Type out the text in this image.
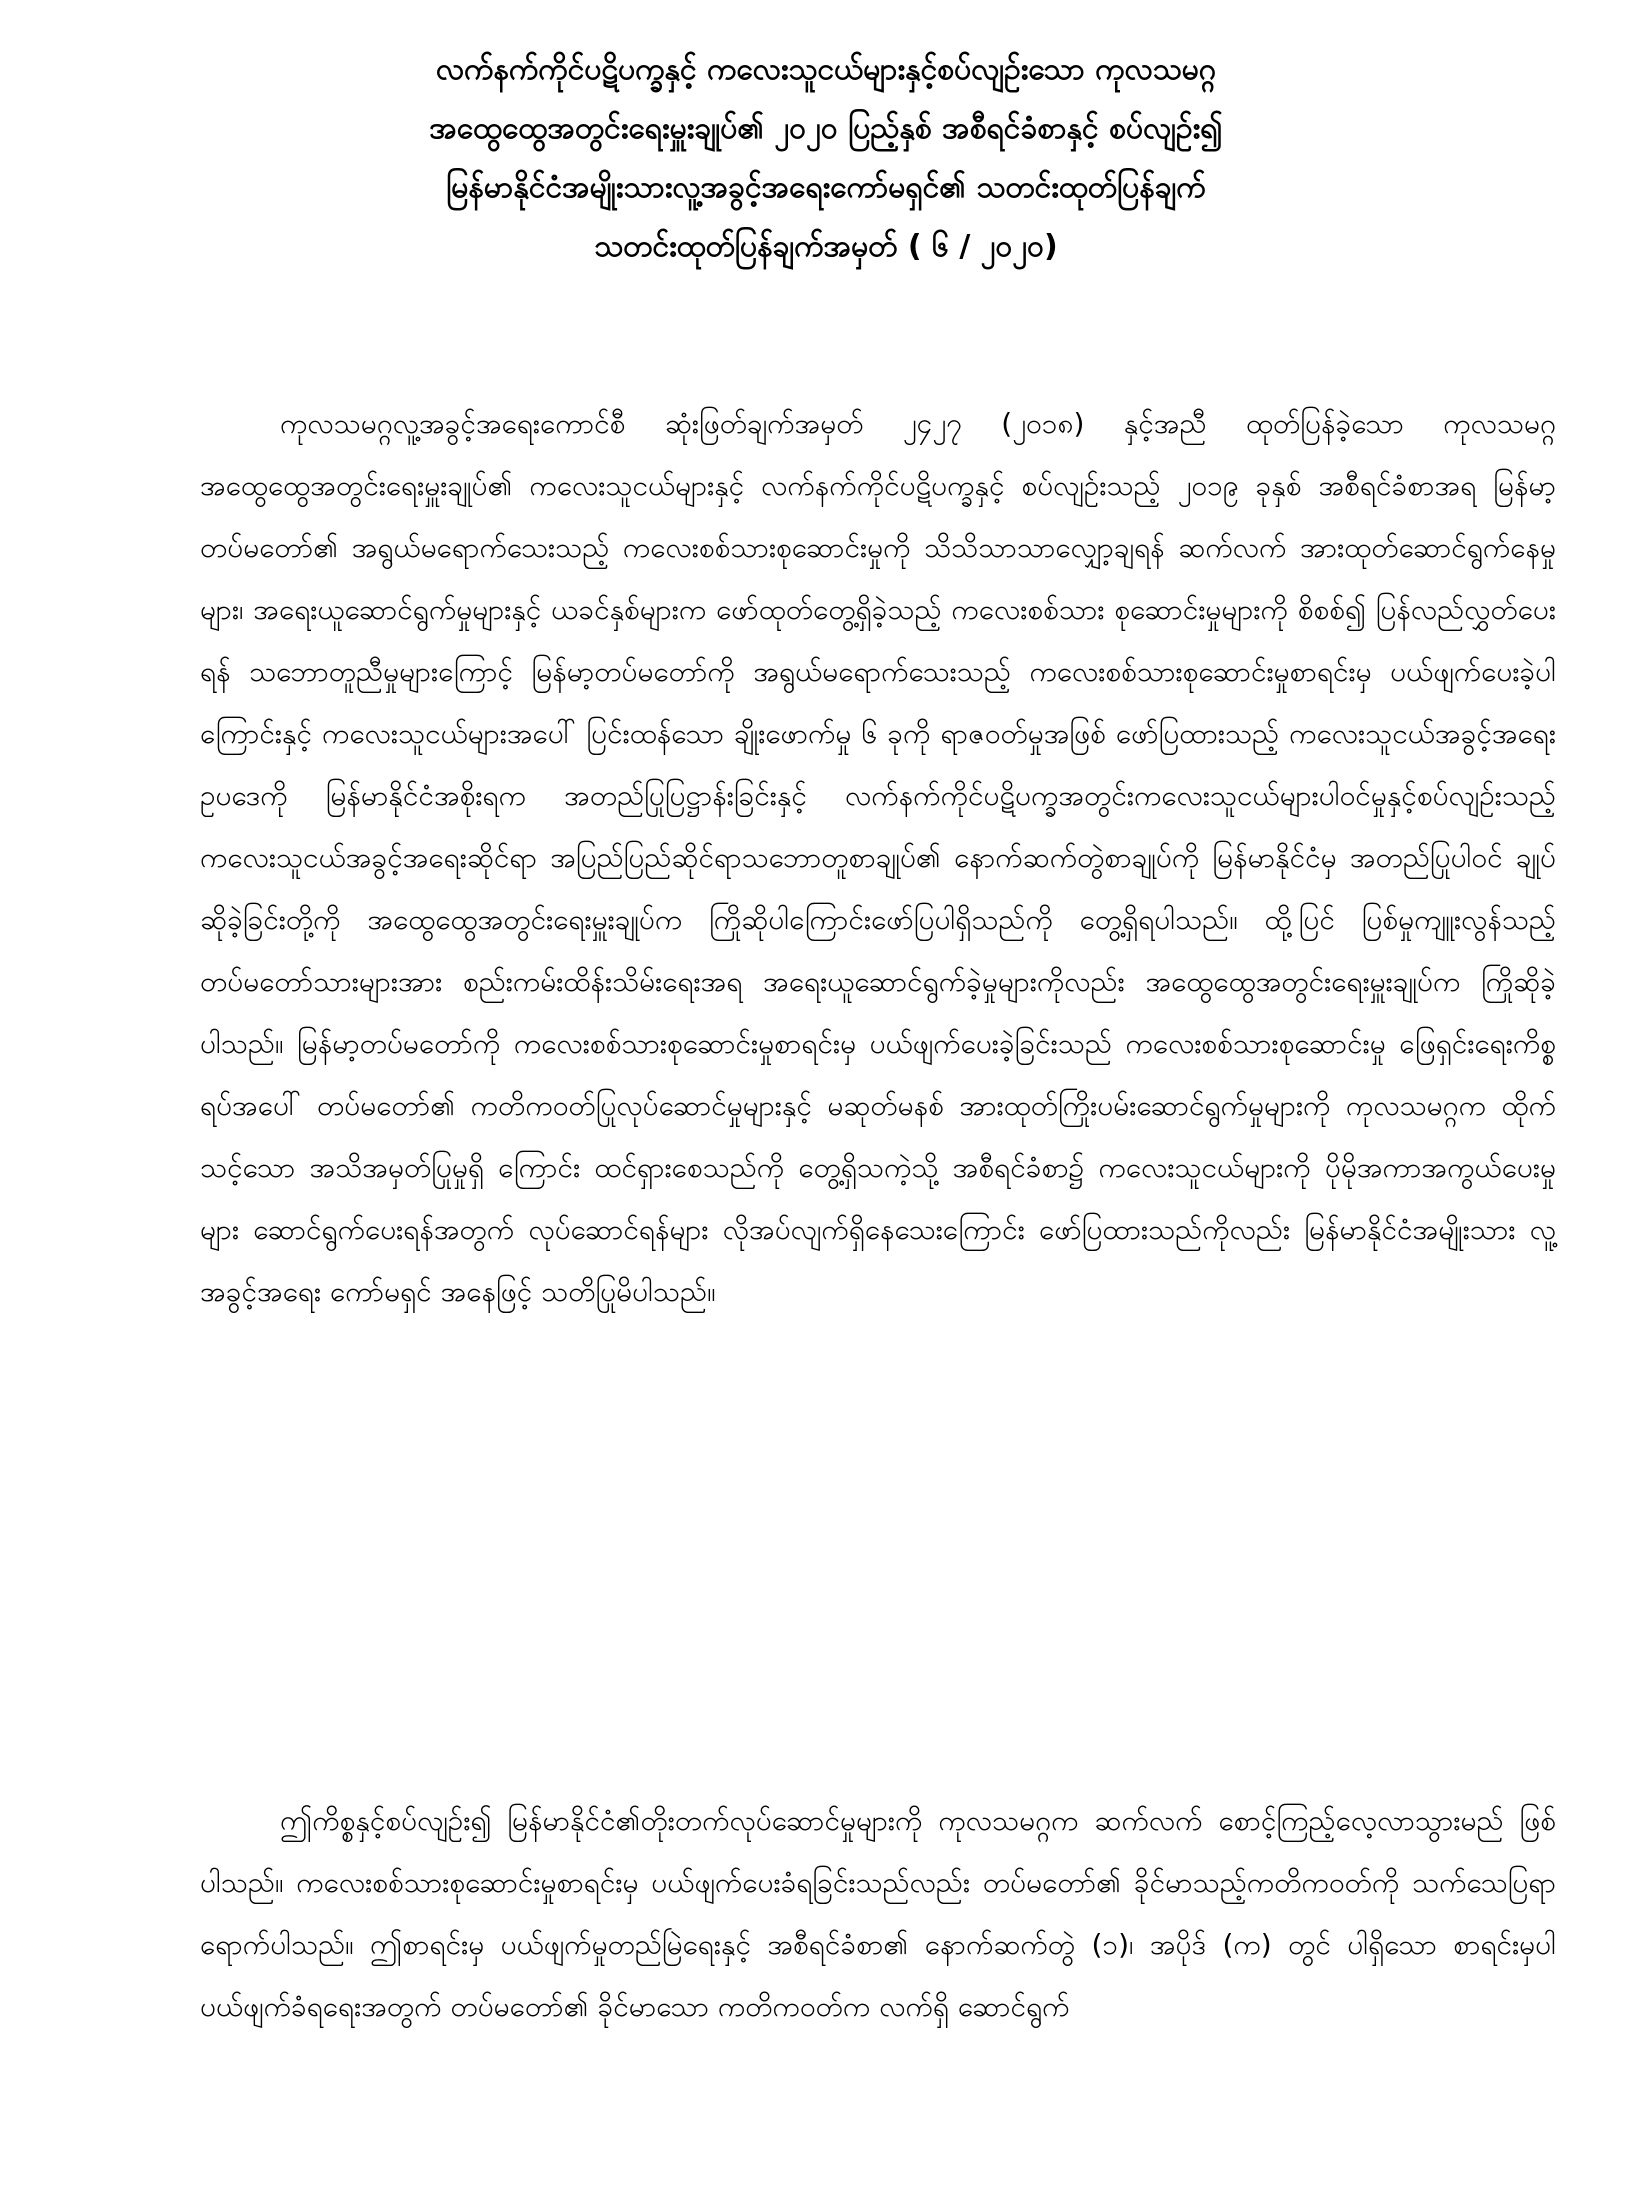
လက်နက်ကိုင်ပဋိပက္ခနှင့် ကလေးသူငယ်များနှင့်စပ်လျဉ်းသော ကုလသမဂ္ဂ
အထွေထွေအတွင်းရေးမှူးချုပ်၏ ၂၀၂၀ ပြည့်နှစ် အစီရင်ခံစာနှင့် စပ်လျဉ်း၍
မြန်မာနိုင်ငံအမျိုးသားလူ့အခွင့်အရေးကော်မရှင်၏ သတင်းထုတ်ပြန်ချက်
သတင်းထုတ်ပြန်ချက်အမှတ် ( ၆ / ၂၀၂၀)
ကုလသမဂ္ဂလူ့အခွင့်အရေးကောင်စီ ဆုံးဖြတ်ချက်အမှတ် ၂၄၂၇ (၂၀၁၈) နှင့်အညီ ထုတ်ပြန်ခဲ့သော ကုလသမဂ္ဂ အထွေထွေအတွင်းရေးမှူးချုပ်၏ ကလေးသူငယ်များနှင့် လက်နက်ကိုင်ပဋိပက္ခနှင့် စပ်လျဉ်းသည့် ၂၀၁၉ ခုနှစ် အစီရင်ခံစာအရ မြန်မာ့တပ်မတော်၏ အရွယ်မရောက်သေးသည့် ကလေးစစ်သားစုဆောင်းမှုကို သိသိသာသာလျှော့ချရန် ဆက်လက် အားထုတ်ဆောင်ရွက်နေမှုများ၊ အရေးယူဆောင်ရွက်မှုများနှင့် ယခင်နှစ်များက ဖော်ထုတ်တွေ့ရှိခဲ့သည့် ကလေးစစ်သား စုဆောင်းမှုများကို စိစစ်၍ ပြန်လည်လွှတ်ပေးရန် သဘောတူညီမှုများကြောင့် မြန်မာ့တပ်မတော်ကို အရွယ်မရောက်သေးသည့် ကလေးစစ်သားစုဆောင်းမှုစာရင်းမှ ပယ်ဖျက်ပေးခဲ့ပါကြောင်းနှင့် ကလေးသူငယ်များအပေါ် ပြင်းထန်သော ချိုးဖောက်မှု ၆ ခုကို ရာဇဝတ်မှုအဖြစ် ဖော်ပြထားသည့် ကလေးသူငယ်အခွင့်အရေးဥပဒေကို မြန်မာနိုင်ငံအစိုးရက အတည်ပြုပြဋ္ဌာန်းခြင်းနှင့် လက်နက်ကိုင်ပဋိပက္ခအတွင်းကလေးသူငယ်များပါဝင်မှုနှင့်စပ်လျဉ်းသည့် ကလေးသူငယ်အခွင့်အရေးဆိုင်ရာ အပြည်ပြည်ဆိုင်ရာသဘောတူစာချုပ်၏ နောက်ဆက်တွဲစာချုပ်ကို မြန်မာနိုင်ငံမှ အတည်ပြုပါဝင် ချုပ်ဆိုခဲ့ခြင်းတို့ကို အထွေထွေအတွင်းရေးမှူးချုပ်က ကြိုဆိုပါကြောင်းဖော်ပြပါရှိသည်ကို တွေ့ရှိရပါသည်။ ထို့ပြင် ပြစ်မှုကျူးလွန်သည့် တပ်မတော်သားများအား စည်းကမ်းထိန်းသိမ်းရေးအရ အရေးယူဆောင်ရွက်ခဲ့မှုများကိုလည်း အထွေထွေအတွင်းရေးမှူးချုပ်က ကြိုဆိုခဲ့ပါသည်။ မြန်မာ့တပ်မတော်ကို ကလေးစစ်သားစုဆောင်းမှုစာရင်းမှ ပယ်ဖျက်ပေးခဲ့ခြင်းသည် ကလေးစစ်သားစုဆောင်းမှု ဖြေရှင်းရေးကိစ္စရပ်အပေါ် တပ်မတော်၏ ကတိကဝတ်ပြုလုပ်ဆောင်မှုများနှင့် မဆုတ်မနစ် အားထုတ်ကြိုးပမ်းဆောင်ရွက်မှုများကို ကုလသမဂ္ဂက ထိုက်သင့်သော အသိအမှတ်ပြုမှုရှိ ကြောင်း ထင်ရှားစေသည်ကို တွေ့ရှိသကဲ့သို့ အစီရင်ခံစာ၌ ကလေးသူငယ်များကို ပိုမိုအကာအကွယ်ပေးမှုများ ဆောင်ရွက်ပေးရန်အတွက် လုပ်ဆောင်ရန်များ လိုအပ်လျက်ရှိနေသေးကြောင်း ဖော်ပြထားသည်ကိုလည်း မြန်မာနိုင်ငံအမျိုးသား လူ့အခွင့်အရေး ကော်မရှင် အနေဖြင့် သတိပြုမိပါသည်။
ဤကိစ္စနှင့်စပ်လျဉ်း၍ မြန်မာနိုင်ငံ၏တိုးတက်လုပ်ဆောင်မှုများကို ကုလသမဂ္ဂက ဆက်လက် စောင့်ကြည့်လေ့လာသွားမည် ဖြစ်ပါသည်။ ကလေးစစ်သားစုဆောင်းမှုစာရင်းမှ ပယ်ဖျက်ပေးခံရခြင်းသည်လည်း တပ်မတော်၏ ခိုင်မာသည့်ကတိကဝတ်ကို သက်သေပြရာရောက်ပါသည်။ ဤစာရင်းမှ ပယ်ဖျက်မှုတည်မြဲရေးနှင့် အစီရင်ခံစာ၏ နောက်ဆက်တွဲ (၁)၊ အပိုဒ် (က) တွင် ပါရှိသော စာရင်းမှပါ ပယ်ဖျက်ခံရရေးအတွက် တပ်မတော်၏ ခိုင်မာသော ကတိကဝတ်က လက်ရှိ ဆောင်ရွက်
